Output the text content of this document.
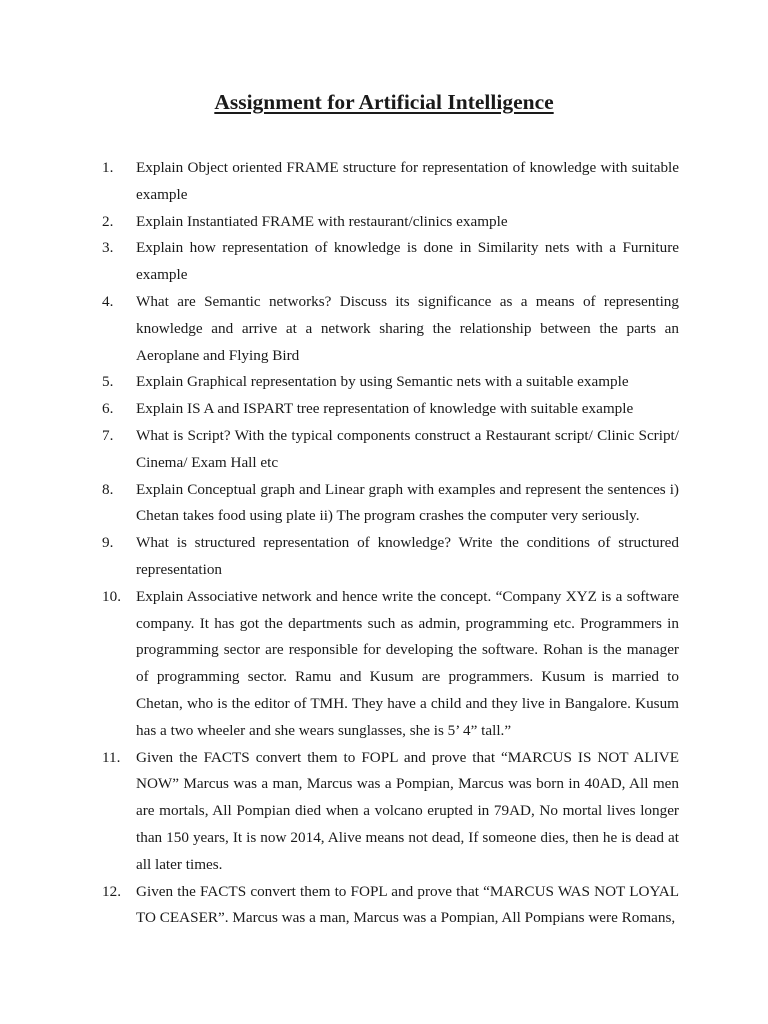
Assignment for Artificial Intelligence
1.	Explain Object oriented FRAME structure for representation of knowledge with suitable example
2.	Explain Instantiated FRAME with restaurant/clinics example
3.	Explain how representation of knowledge is done in Similarity nets with a Furniture example
4.	What are Semantic networks? Discuss its significance as a means of representing knowledge and arrive at a network sharing the relationship between the parts an Aeroplane and Flying Bird
5.	Explain Graphical representation by using Semantic nets with a suitable example
6.	Explain IS A and ISPART tree representation of knowledge with suitable example
7.	What is Script? With the typical components construct a Restaurant script/ Clinic Script/ Cinema/ Exam Hall etc
8.	Explain Conceptual graph and Linear graph with examples and represent the sentences i) Chetan takes food using plate ii) The program crashes the computer very seriously.
9.	What is structured representation of knowledge? Write the conditions of structured representation
10. Explain Associative network and hence write the concept. “Company XYZ is a software company. It has got the departments such as admin, programming etc. Programmers in programming sector are responsible for developing the software. Rohan is the manager of programming sector. Ramu and Kusum are programmers. Kusum is married to Chetan, who is the editor of TMH. They have a child and they live in Bangalore. Kusum has a two wheeler and she wears sunglasses, she is 5’ 4” tall.”
11.	Given the FACTS convert them to FOPL and prove that “MARCUS IS NOT ALIVE NOW” Marcus was a man, Marcus was a Pompian, Marcus was born in 40AD, All men are mortals, All Pompian died when a volcano erupted in 79AD, No mortal lives longer than 150 years, It is now 2014, Alive means not dead, If someone dies, then he is dead at all later times.
12. Given the FACTS convert them to FOPL and prove that “MARCUS WAS NOT LOYAL TO CEASER”. Marcus was a man, Marcus was a Pompian, All Pompians were Romans,
